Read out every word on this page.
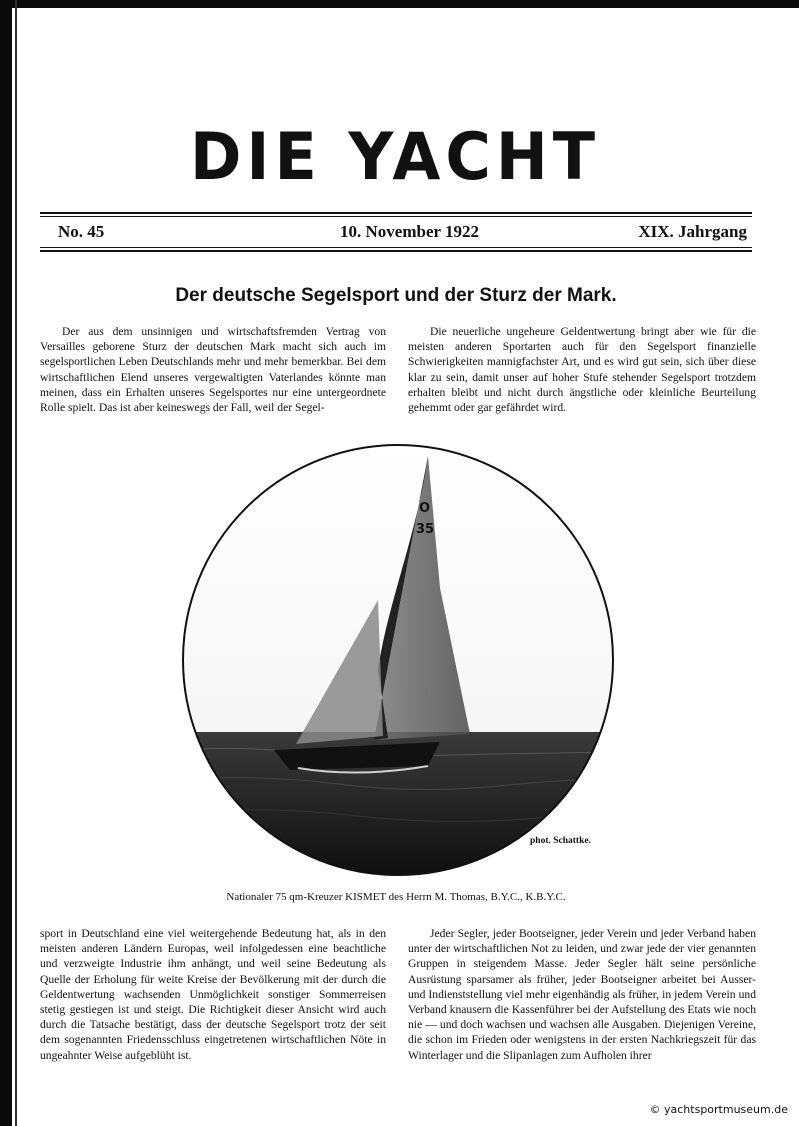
DIE YACHT
No. 45	10. November 1922	XIX. Jahrgang
Der deutsche Segelsport und der Sturz der Mark.

Der aus dem unsinnigen und wirtschaftsfremden Vertrag von Versailles geborene Sturz der deutschen Mark macht sich auch im segelsportlichen Leben Deutschlands mehr und mehr bemerkbar. Bei dem wirtschaftlichen Elend unseres vergewaltigten Vaterlandes könnte man meinen, dass ein Erhalten unseres Segelsportes nur eine untergeordnete Rolle spielt. Das ist aber keineswegs der Fall, weil der Segel-

Die neuerliche ungeheure Geldentwertung bringt aber wie für die meisten anderen Sportarten auch für den Segelsport finanzielle Schwierigkeiten mannigfachster Art, und es wird gut sein, sich über diese klar zu sein, damit unser auf hoher Stufe stehender Segelsport trotzdem erhalten bleibt und nicht durch ängstliche oder kleinliche Beurteilung gehemmt oder gar gefährdet wird.

O
35
phot. Schattke.
Nationaler 75 qm-Kreuzer KISMET des Herrn M. Thomas, B.Y.C., K.B.Y.C.

sport in Deutschland eine viel weitergehende Bedeutung hat, als in den meisten anderen Ländern Europas, weil infolgedessen eine beachtliche und verzweigte Industrie ihm anhängt, und weil seine Bedeutung als Quelle der Erholung für weite Kreise der Bevölkerung mit der durch die Geldentwertung wachsenden Unmöglichkeit sonstiger Sommerreisen stetig gestiegen ist und steigt. Die Richtigkeit dieser Ansicht wird auch durch die Tatsache bestätigt, dass der deutsche Segelsport trotz der seit dem sogenannten Friedensschluss eingetretenen wirtschaftlichen Nöte in ungeahnter Weise aufgeblüht ist.

Jeder Segler, jeder Bootseigner, jeder Verein und jeder Verband haben unter der wirtschaftlichen Not zu leiden, und zwar jede der vier genannten Gruppen in steigendem Masse. Jeder Segler hält seine persönliche Ausrüstung sparsamer als früher, jeder Bootseigner arbeitet bei Ausser- und Indienststellung viel mehr eigenhändig als früher, in jedem Verein und Verband knausern die Kassenführer bei der Aufstellung des Etats wie noch nie — und doch wachsen und wachsen alle Ausgaben. Diejenigen Vereine, die schon im Frieden oder wenigstens in der ersten Nachkriegszeit für das Winterlager und die Slipanlagen zum Aufholen ihrer

© yachtsportmuseum.de
